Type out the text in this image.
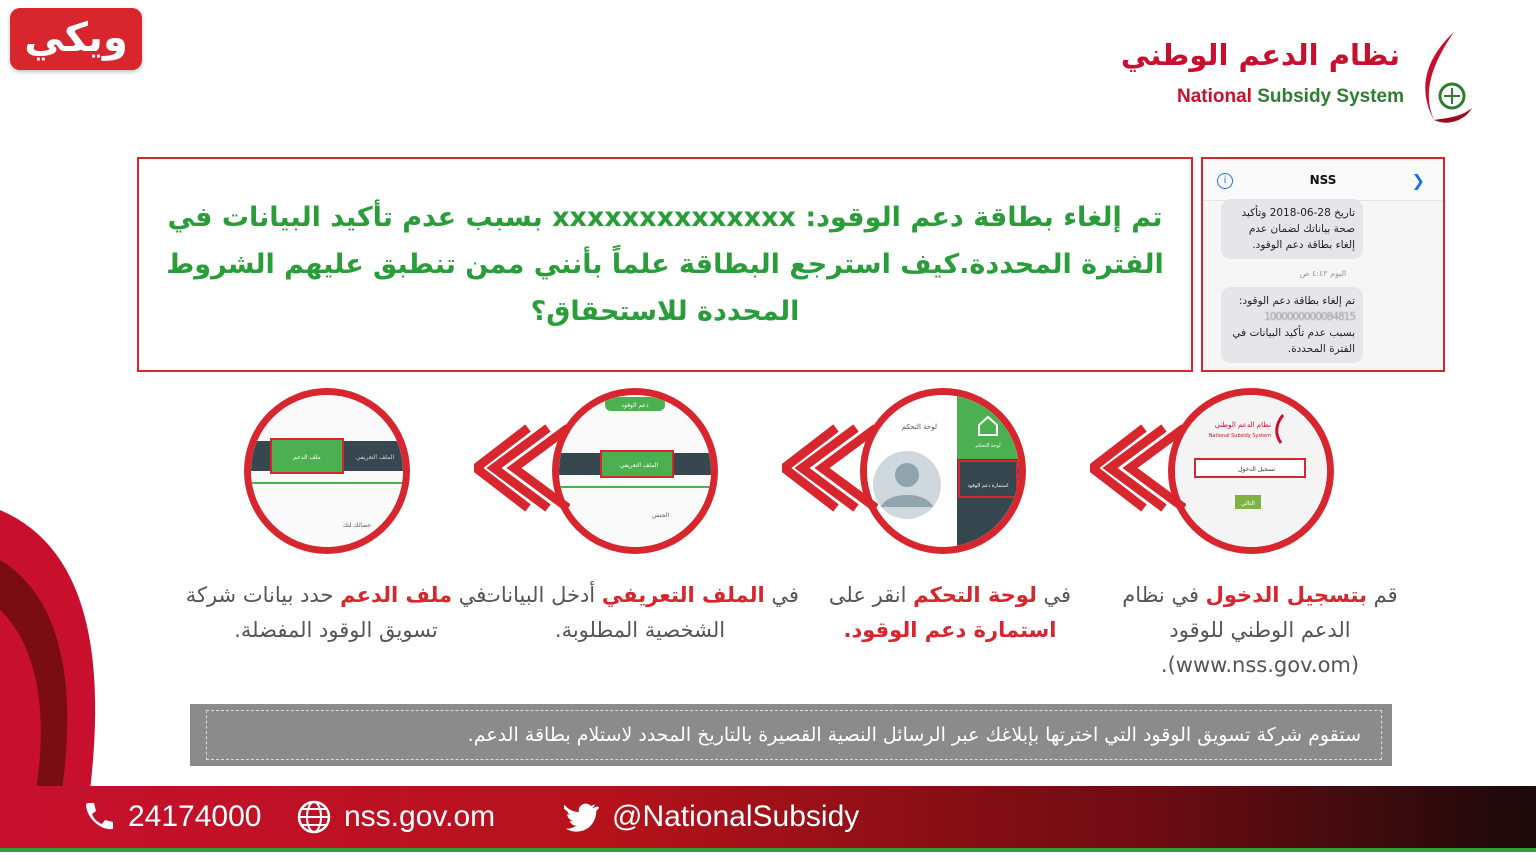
ويكي	نظام الدعم الوطني
National Subsidy System
تم إلغاء بطاقة دعم الوقود: xxxxxxxxxxxxxx بسبب عدم تأكيد البيانات في الفترة المحددة.كيف استرجع البطاقة علماً بأنني ممن تنطبق عليهم الشروط المحددة للاستحقاق؟
i	NSS	❯
تاريخ 28-06-2018 وتأكيد صحة بياناتك لضمان عدم إلغاء بطاقة دعم الوقود.
اليوم ٤:٤٣ ص
تم إلغاء بطاقة دعم الوقود:
1000000000084815
بسبب عدم تأكيد البيانات في الفترة المحددة.
نظام الدعم الوطني
National Subsidy System
تسجيل الدخول
التالي
لوحة التحكم
لوحة التحكم
استمارة دعم الوقود
دعم الوقود
الملف التعريفي
الجنس
ملف الدعم	الملف التعريفي
خصائك لنك
قم بتسجيل الدخول في نظام الدعم الوطني للوقود (www.nss.gov.om).
في لوحة التحكم انقر على استمارة دعم الوقود.
في الملف التعريفي أدخل البيانات الشخصية المطلوبة.
في ملف الدعم حدد بيانات شركة تسويق الوقود المفضلة.
ستقوم شركة تسويق الوقود التي اخترتها بإبلاغك عبر الرسائل النصية القصيرة بالتاريخ المحدد لاستلام بطاقة الدعم.
24174000	nss.gov.om	@NationalSubsidy
